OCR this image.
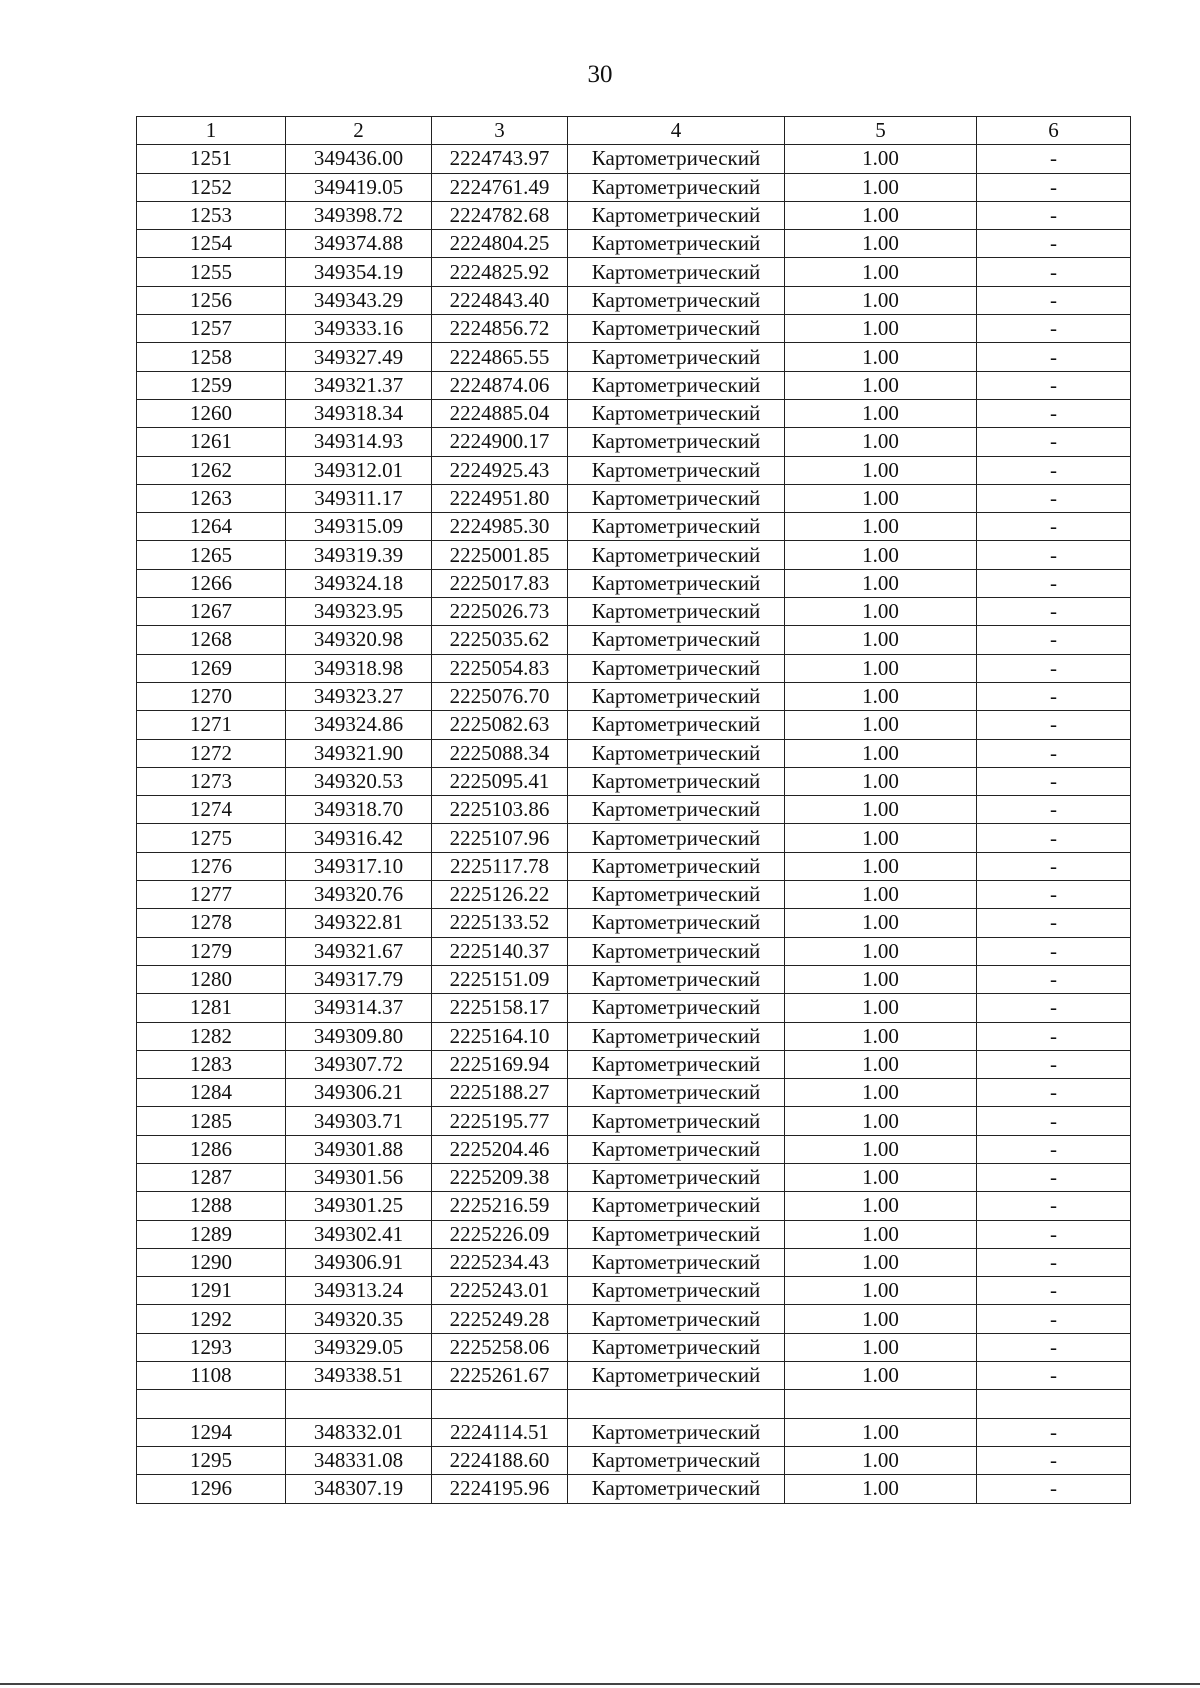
30
1	2	3	4	5	6
1251	349436.00	2224743.97	Картометрический	1.00	-
1252	349419.05	2224761.49	Картометрический	1.00	-
1253	349398.72	2224782.68	Картометрический	1.00	-
1254	349374.88	2224804.25	Картометрический	1.00	-
1255	349354.19	2224825.92	Картометрический	1.00	-
1256	349343.29	2224843.40	Картометрический	1.00	-
1257	349333.16	2224856.72	Картометрический	1.00	-
1258	349327.49	2224865.55	Картометрический	1.00	-
1259	349321.37	2224874.06	Картометрический	1.00	-
1260	349318.34	2224885.04	Картометрический	1.00	-
1261	349314.93	2224900.17	Картометрический	1.00	-
1262	349312.01	2224925.43	Картометрический	1.00	-
1263	349311.17	2224951.80	Картометрический	1.00	-
1264	349315.09	2224985.30	Картометрический	1.00	-
1265	349319.39	2225001.85	Картометрический	1.00	-
1266	349324.18	2225017.83	Картометрический	1.00	-
1267	349323.95	2225026.73	Картометрический	1.00	-
1268	349320.98	2225035.62	Картометрический	1.00	-
1269	349318.98	2225054.83	Картометрический	1.00	-
1270	349323.27	2225076.70	Картометрический	1.00	-
1271	349324.86	2225082.63	Картометрический	1.00	-
1272	349321.90	2225088.34	Картометрический	1.00	-
1273	349320.53	2225095.41	Картометрический	1.00	-
1274	349318.70	2225103.86	Картометрический	1.00	-
1275	349316.42	2225107.96	Картометрический	1.00	-
1276	349317.10	2225117.78	Картометрический	1.00	-
1277	349320.76	2225126.22	Картометрический	1.00	-
1278	349322.81	2225133.52	Картометрический	1.00	-
1279	349321.67	2225140.37	Картометрический	1.00	-
1280	349317.79	2225151.09	Картометрический	1.00	-
1281	349314.37	2225158.17	Картометрический	1.00	-
1282	349309.80	2225164.10	Картометрический	1.00	-
1283	349307.72	2225169.94	Картометрический	1.00	-
1284	349306.21	2225188.27	Картометрический	1.00	-
1285	349303.71	2225195.77	Картометрический	1.00	-
1286	349301.88	2225204.46	Картометрический	1.00	-
1287	349301.56	2225209.38	Картометрический	1.00	-
1288	349301.25	2225216.59	Картометрический	1.00	-
1289	349302.41	2225226.09	Картометрический	1.00	-
1290	349306.91	2225234.43	Картометрический	1.00	-
1291	349313.24	2225243.01	Картометрический	1.00	-
1292	349320.35	2225249.28	Картометрический	1.00	-
1293	349329.05	2225258.06	Картометрический	1.00	-
1108	349338.51	2225261.67	Картометрический	1.00	-

1294	348332.01	2224114.51	Картометрический	1.00	-
1295	348331.08	2224188.60	Картометрический	1.00	-
1296	348307.19	2224195.96	Картометрический	1.00	-
